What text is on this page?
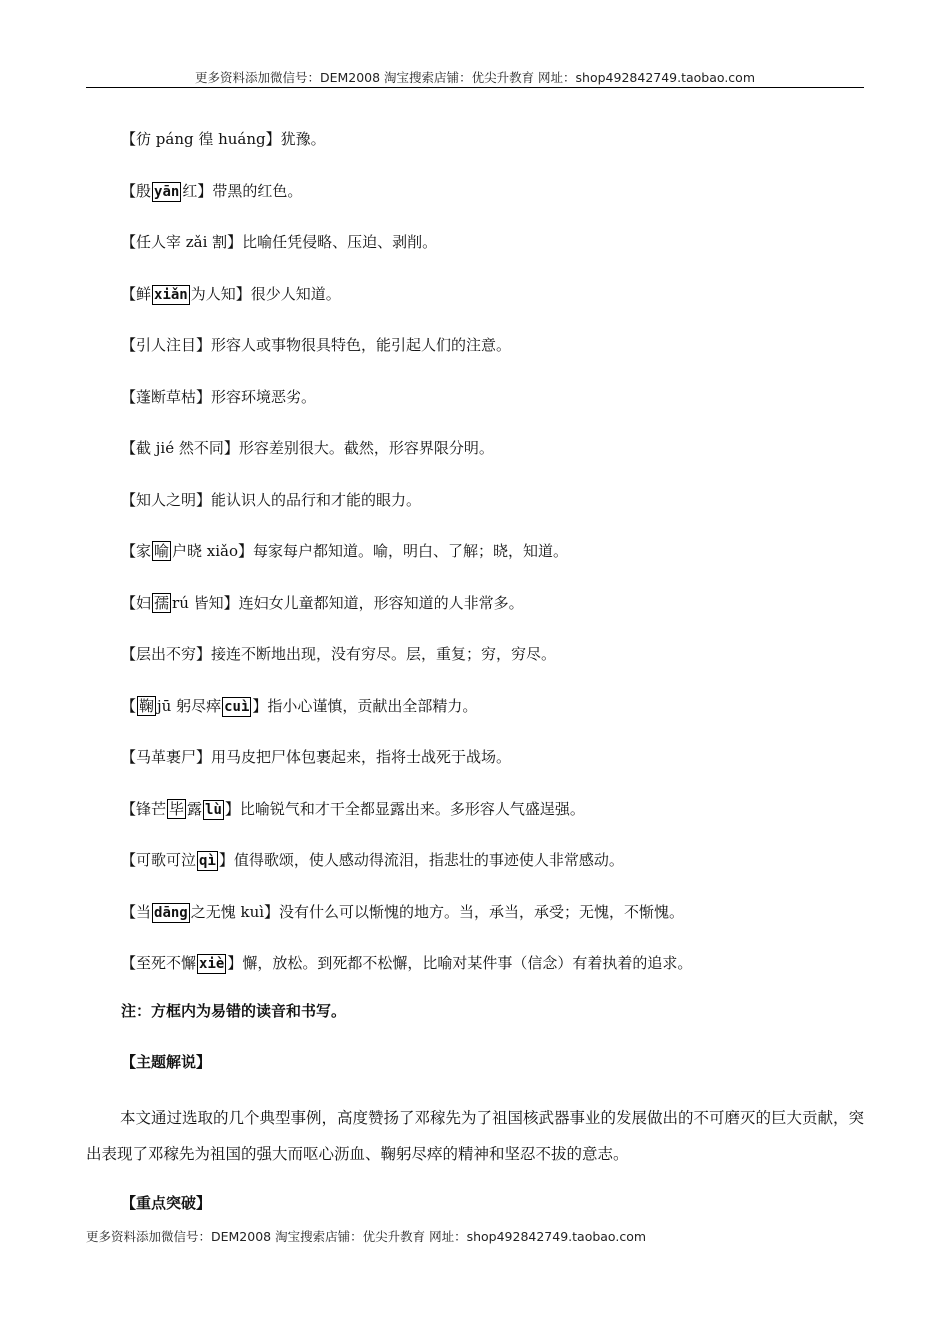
更多资料添加微信号：DEM2008 淘宝搜索店铺：优尖升教育 网址：shop492842749.taobao.com
【彷 páng 徨 huáng】犹豫。
【殷 yān 红】带黑的红色。
【任人宰 zǎi 割】比喻任凭侵略、压迫、剥削。
【鲜 xiǎn 为人知】很少人知道。
【引人注目】形容人或事物很具特色，能引起人们的注意。
【蓬断草枯】形容环境恶劣。
【截 jié 然不同】形容差别很大。截然，形容界限分明。
【知人之明】能认识人的品行和才能的眼力。
【家 喻 户晓 xiǎo】每家每户都知道。喻，明白、了解；晓，知道。
【妇 孺 rú 皆知】连妇女儿童都知道，形容知道的人非常多。
【层出不穷】接连不断地出现，没有穷尽。层，重复；穷，穷尽。
【 鞠 jū 躬尽瘁 cuì 】指小心谨慎，贡献出全部精力。
【马革裹尸】用马皮把尸体包裹起来，指将士战死于战场。
【锋芒 毕 露 lù 】比喻锐气和才干全都显露出来。多形容人气盛逞强。
【可歌可泣 qì 】值得歌颂，使人感动得流泪，指悲壮的事迹使人非常感动。
【当 dāng 之无愧 kuì】没有什么可以惭愧的地方。当，承当，承受；无愧，不惭愧。
【至死不懈 xiè 】懈，放松。到死都不松懈，比喻对某件事（信念）有着执着的追求。
注：方框内为易错的读音和书写。
【主题解说】
本文通过选取的几个典型事例，高度赞扬了邓稼先为了祖国核武器事业的发展做出的不可磨灭的巨大贡献，突出表现了邓稼先为祖国的强大而呕心沥血、鞠躬尽瘁的精神和坚忍不拔的意志。
【重点突破】
更多资料添加微信号：DEM2008 淘宝搜索店铺：优尖升教育 网址：shop492842749.taobao.com
